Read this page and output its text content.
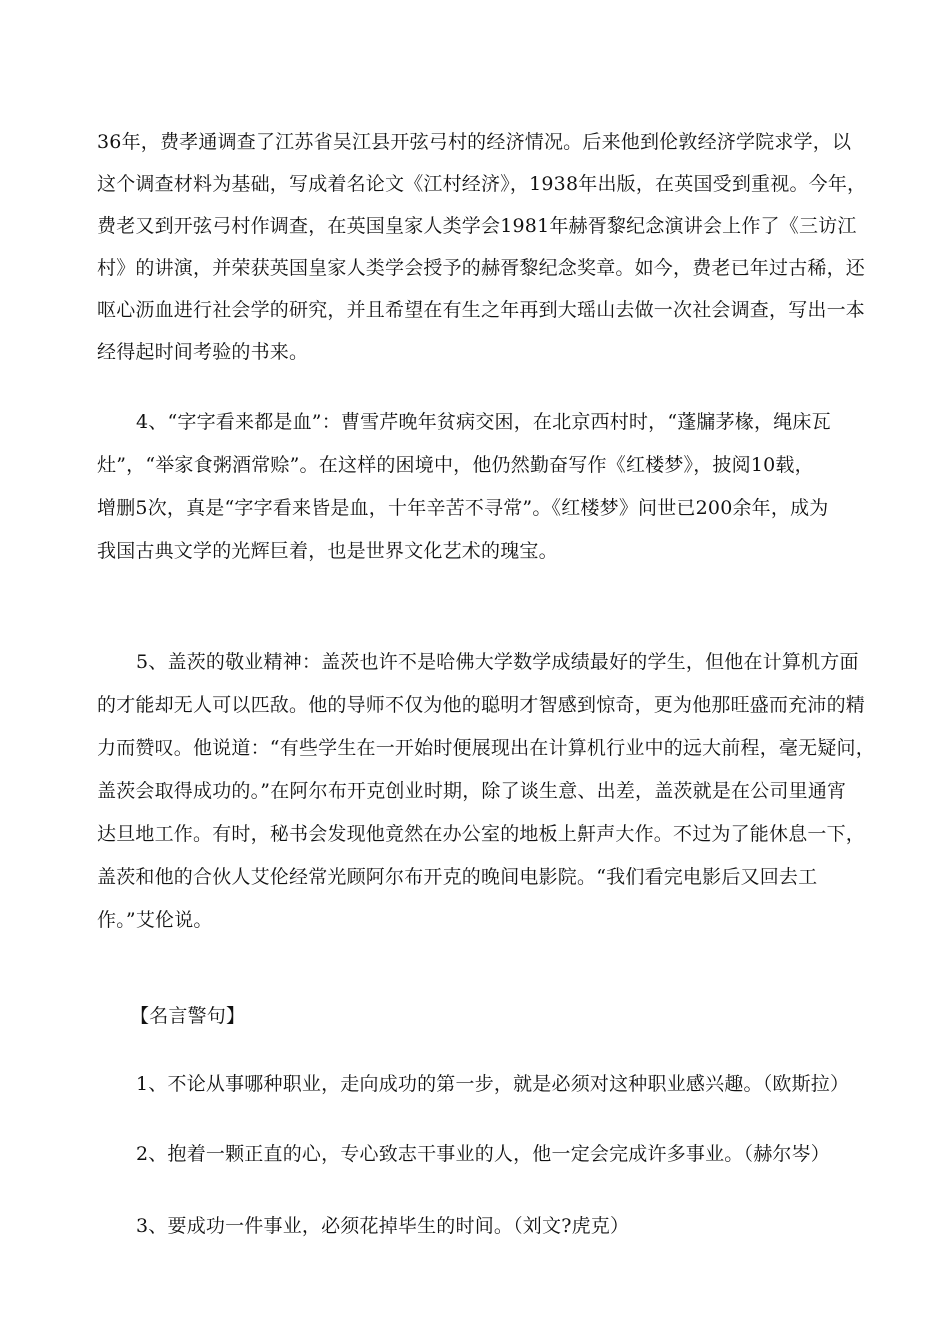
36年，费孝通调查了江苏省吴江县开弦弓村的经济情况。后来他到伦敦经济学院求学，以
这个调查材料为基础，写成着名论文《江村经济》，1938年出版，在英国受到重视。今年，
费老又到开弦弓村作调查，在英国皇家人类学会1981年赫胥黎纪念演讲会上作了《三访江
村》的讲演，并荣获英国皇家人类学会授予的赫胥黎纪念奖章。如今，费老已年过古稀，还
呕心沥血进行社会学的研究，并且希望在有生之年再到大瑶山去做一次社会调查，写出一本
经得起时间考验的书来。
4、“字字看来都是血”：曹雪芹晚年贫病交困，在北京西村时，“蓬牖茅椽，绳床瓦
灶”，“举家食粥酒常赊”。在这样的困境中，他仍然勤奋写作《红楼梦》，披阅10载，
增删5次，真是“字字看来皆是血，十年辛苦不寻常”。《红楼梦》问世已200余年，成为
我国古典文学的光辉巨着，也是世界文化艺术的瑰宝。
5、盖茨的敬业精神：盖茨也许不是哈佛大学数学成绩最好的学生，但他在计算机方面
的才能却无人可以匹敌。他的导师不仅为他的聪明才智感到惊奇，更为他那旺盛而充沛的精
力而赞叹。他说道：“有些学生在一开始时便展现出在计算机行业中的远大前程，毫无疑问，
盖茨会取得成功的。”在阿尔布开克创业时期，除了谈生意、出差，盖茨就是在公司里通宵
达旦地工作。有时，秘书会发现他竟然在办公室的地板上鼾声大作。不过为了能休息一下，
盖茨和他的合伙人艾伦经常光顾阿尔布开克的晚间电影院。“我们看完电影后又回去工
作。”艾伦说。
【名言警句】
1、不论从事哪种职业，走向成功的第一步，就是必须对这种职业感兴趣。（欧斯拉）
2、抱着一颗正直的心，专心致志干事业的人，他一定会完成许多事业。（赫尔岑）
3、要成功一件事业，必须花掉毕生的时间。（刘文?虎克）
